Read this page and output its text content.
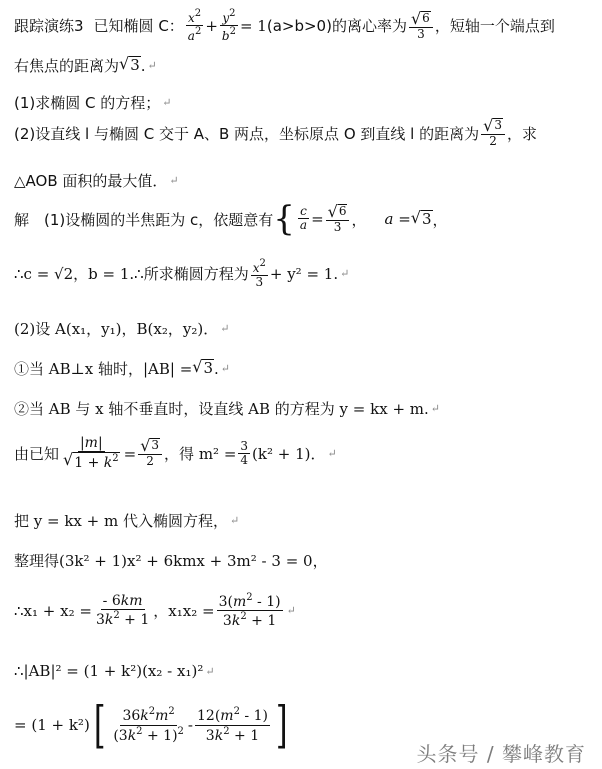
跟踪演练3 已知椭圆 C： $\frac{x^2}{a^2} + \frac{y^2}{b^2} = 1$ (a>b>0)的离心率为 $\frac{√ 6}{3}$ ，短轴一个端点到
右焦点的距离为 √ 3 . ↵
(1)求椭圆 C 的方程； ↵
(2)设直线 l 与椭圆 C 交于 A、B 两点，坐标原点 O 到直线 l 的距离为 $\frac{√ 3}{2}$ ，求
△AOB 面积的最大值． ↵
解　(1)设椭圆的半焦距为 c，依题意有 { $\frac{c}{a} = \frac{√ 6}{3}$ ， a = √ 3 ，
∴c = √2，b = 1.∴所求椭圆方程为 $\frac{x^2}{3} + y^2 = 1$. ↵
(2)设 A(x₁，y₁)，B(x₂，y₂)． ↵
①当 AB⊥x 轴时，|AB| = √ 3 . ↵
②当 AB 与 x 轴不垂直时，设直线 AB 的方程为 y = kx + m. ↵
由已知 $\frac{|m|}{√ 1 + k^2} = \frac{√ 3}{2}$ ，得 $m^2 = \frac{3}{4} (k^2 + 1)$． ↵
把 y = kx + m 代入椭圆方程， ↵
整理得(3k² + 1)x² + 6kmx + 3m² - 3 = 0，
∴x₁ + $x_2 = \frac{- 6km}{3k^2 + 1}$ ，$x_1x_2 = \frac{3(m^2 - 1)}{3k^2 + 1}$ ↵
∴|AB|² = (1 + k²)(x₂ - x₁)² ↵
= (1 + k²) [ $\frac{36k^2m^2}{(3k^2 + 1)^2} - \frac{12(m^2 - 1)}{3k^2 + 1}$ ]	头条号 / 攀峰教育
